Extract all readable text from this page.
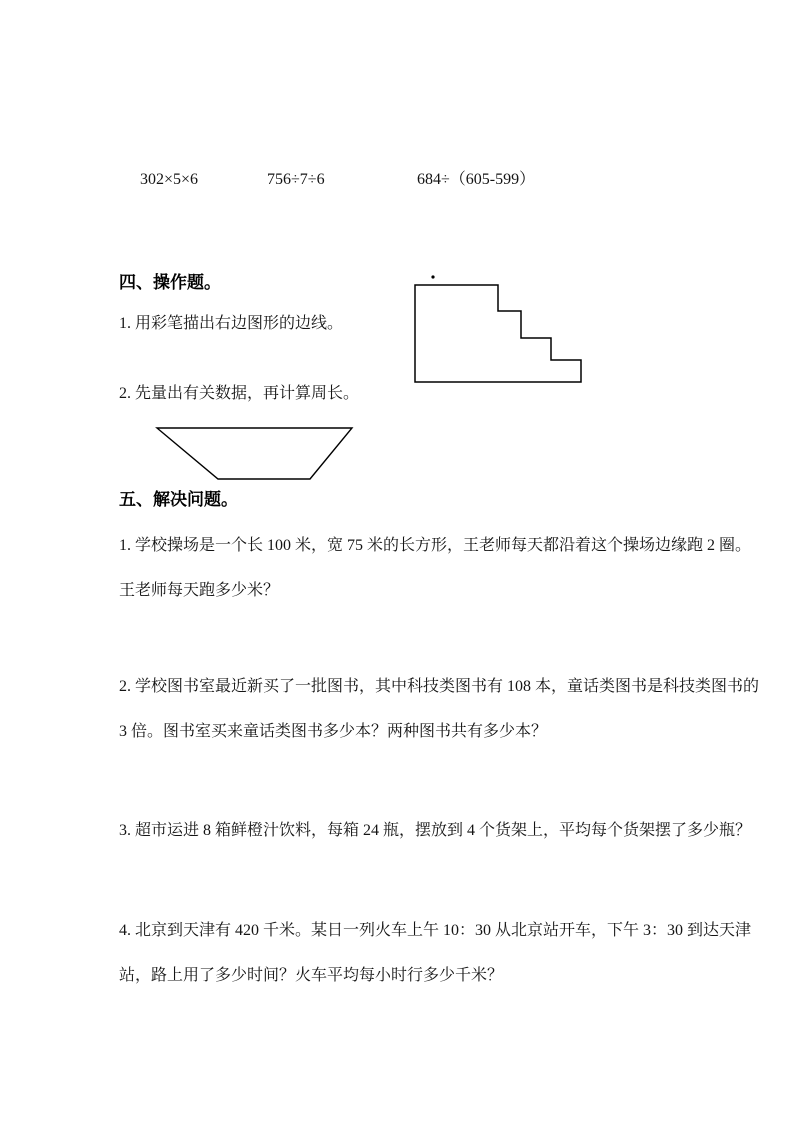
302×5×6	756÷7÷6	684÷（605-599）
四、操作题。
1. 用彩笔描出右边图形的边线。
2. 先量出有关数据，再计算周长。
五、解决问题。
1. 学校操场是一个长 100 米，宽 75 米的长方形，王老师每天都沿着这个操场边缘跑 2 圈。
王老师每天跑多少米？
2. 学校图书室最近新买了一批图书，其中科技类图书有 108 本，童话类图书是科技类图书的
3 倍。图书室买来童话类图书多少本？两种图书共有多少本？
3. 超市运进 8 箱鲜橙汁饮料，每箱 24 瓶，摆放到 4 个货架上，平均每个货架摆了多少瓶？
4. 北京到天津有 420 千米。某日一列火车上午 10：30 从北京站开车，下午 3：30 到达天津
站，路上用了多少时间？火车平均每小时行多少千米？
